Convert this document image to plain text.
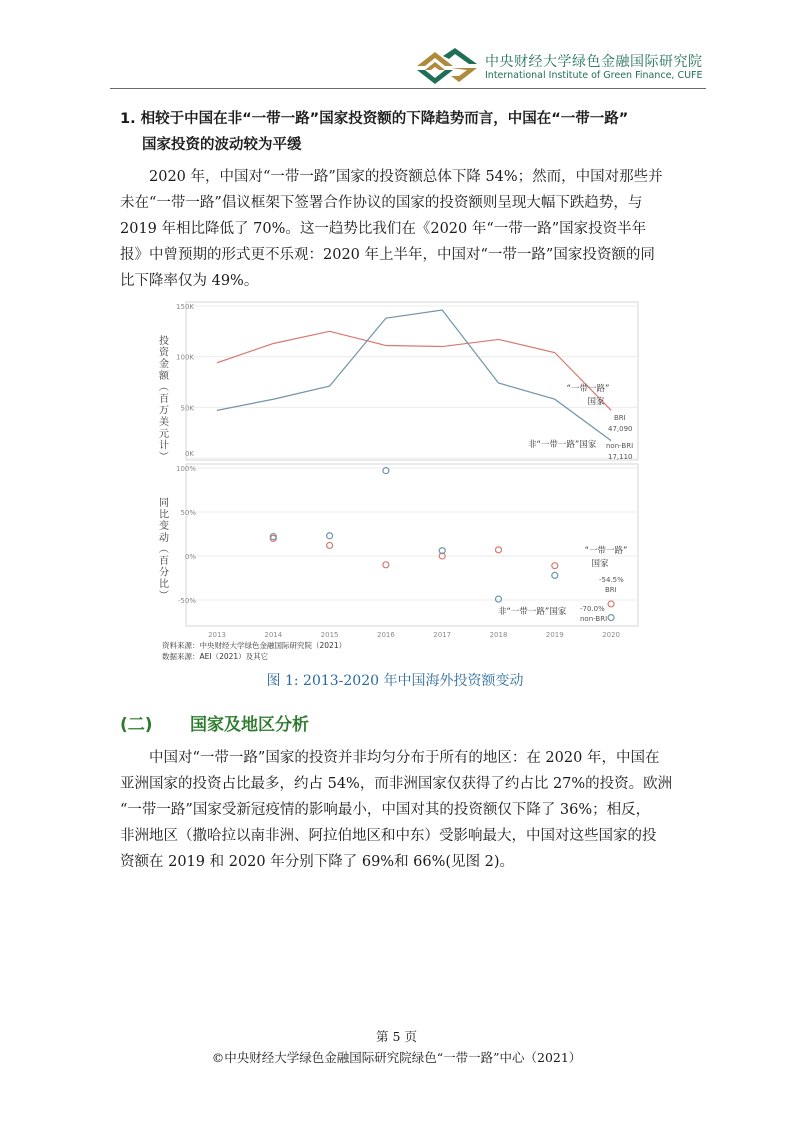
中央财经大学绿色金融国际研究院
International Institute of Green Finance, CUFE
1. 相较于中国在非“一带一路”国家投资额的下降趋势而言，中国在“一带一路”
国家投资的波动较为平缓
2020 年，中国对“一带一路”国家的投资额总体下降 54%；然而，中国对那些并
未在“一带一路”倡议框架下签署合作协议的国家的投资额则呈现大幅下跌趋势，与
2019 年相比降低了 70%。这一趋势比我们在《2020 年“一带一路”国家投资半年
报》中曾预期的形式更不乐观：2020 年上半年，中国对“一带一路”国家投资额的同
比下降率仅为 49%。
0K
50K
100K
150K
-50%
0%
50%
100%
2013	2014	2015	2016	2017	2018	2019	2020
投
资
金
额
（
百
万
美
元
计
）
同
比
变
动
（
百
分
比
）
“一带一路”
国家
BRI
47,090
非“一带一路”国家 non-BRI
17,110
“一带一路”
国家
-54.5%
BRI
非“一带一路”国家 -70.0%
non-BRI
资料来源：中央财经大学绿色金融国际研究院（2021）
数据来源：AEI（2021）及其它
图 1: 2013-2020 年中国海外投资额变动
(二) 国家及地区分析
中国对“一带一路”国家的投资并非均匀分布于所有的地区：在 2020 年，中国在
亚洲国家的投资占比最多，约占 54%，而非洲国家仅获得了约占比 27%的投资。欧洲
“一带一路”国家受新冠疫情的影响最小，中国对其的投资额仅下降了 36%；相反，
非洲地区（撒哈拉以南非洲、阿拉伯地区和中东）受影响最大，中国对这些国家的投
资额在 2019 和 2020 年分别下降了 69%和 66%(见图 2)。
第 5 页
©中央财经大学绿色金融国际研究院绿色“一带一路”中心（2021）
